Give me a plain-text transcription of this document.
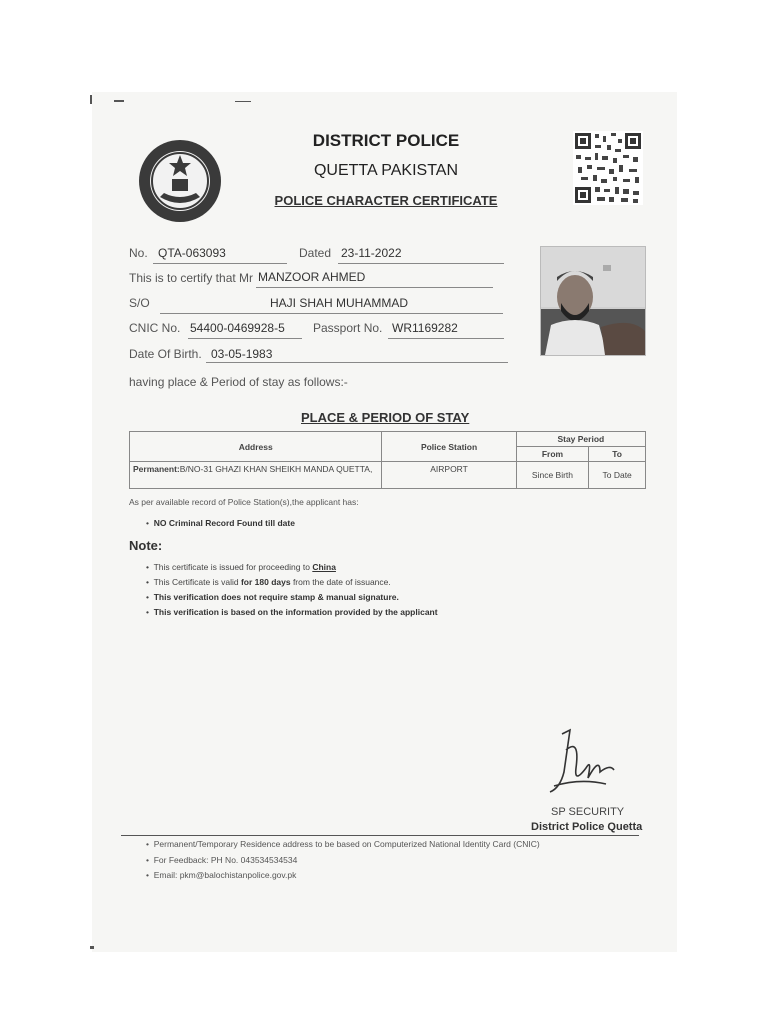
DISTRICT POLICE
QUETTA PAKISTAN
POLICE CHARACTER CERTIFICATE
No. QTA-063093	Dated 23-11-2022
This is to certify that Mr MANZOOR AHMED
S/O	HAJI SHAH MUHAMMAD
CNIC No. 54400-0469928-5 Passport No. WR1169282
Date Of Birth. 03-05-1983
having place & Period of stay as follows:-
PLACE & PERIOD OF STAY
Address	Police Station	Stay Period	
		From	To
Permanent:B/NO-31 GHAZI KHAN SHEIKH MANDA QUETTA,	AIRPORT	Since Birth	To Date
As per available record of Police Station(s),the applicant has:
• NO Criminal Record Found till date
Note:
• This certificate is issued for proceeding to China
• This Certificate is valid for 180 days from the date of issuance.
• This verification does not require stamp & manual signature.
• This verification is based on the information provided by the applicant
SP SECURITY
District Police Quetta
• Permanent/Temporary Residence address to be based on Computerized National Identity Card (CNIC)
• For Feedback: PH No. 043534534534
• Email: pkm@balochistanpolice.gov.pk
